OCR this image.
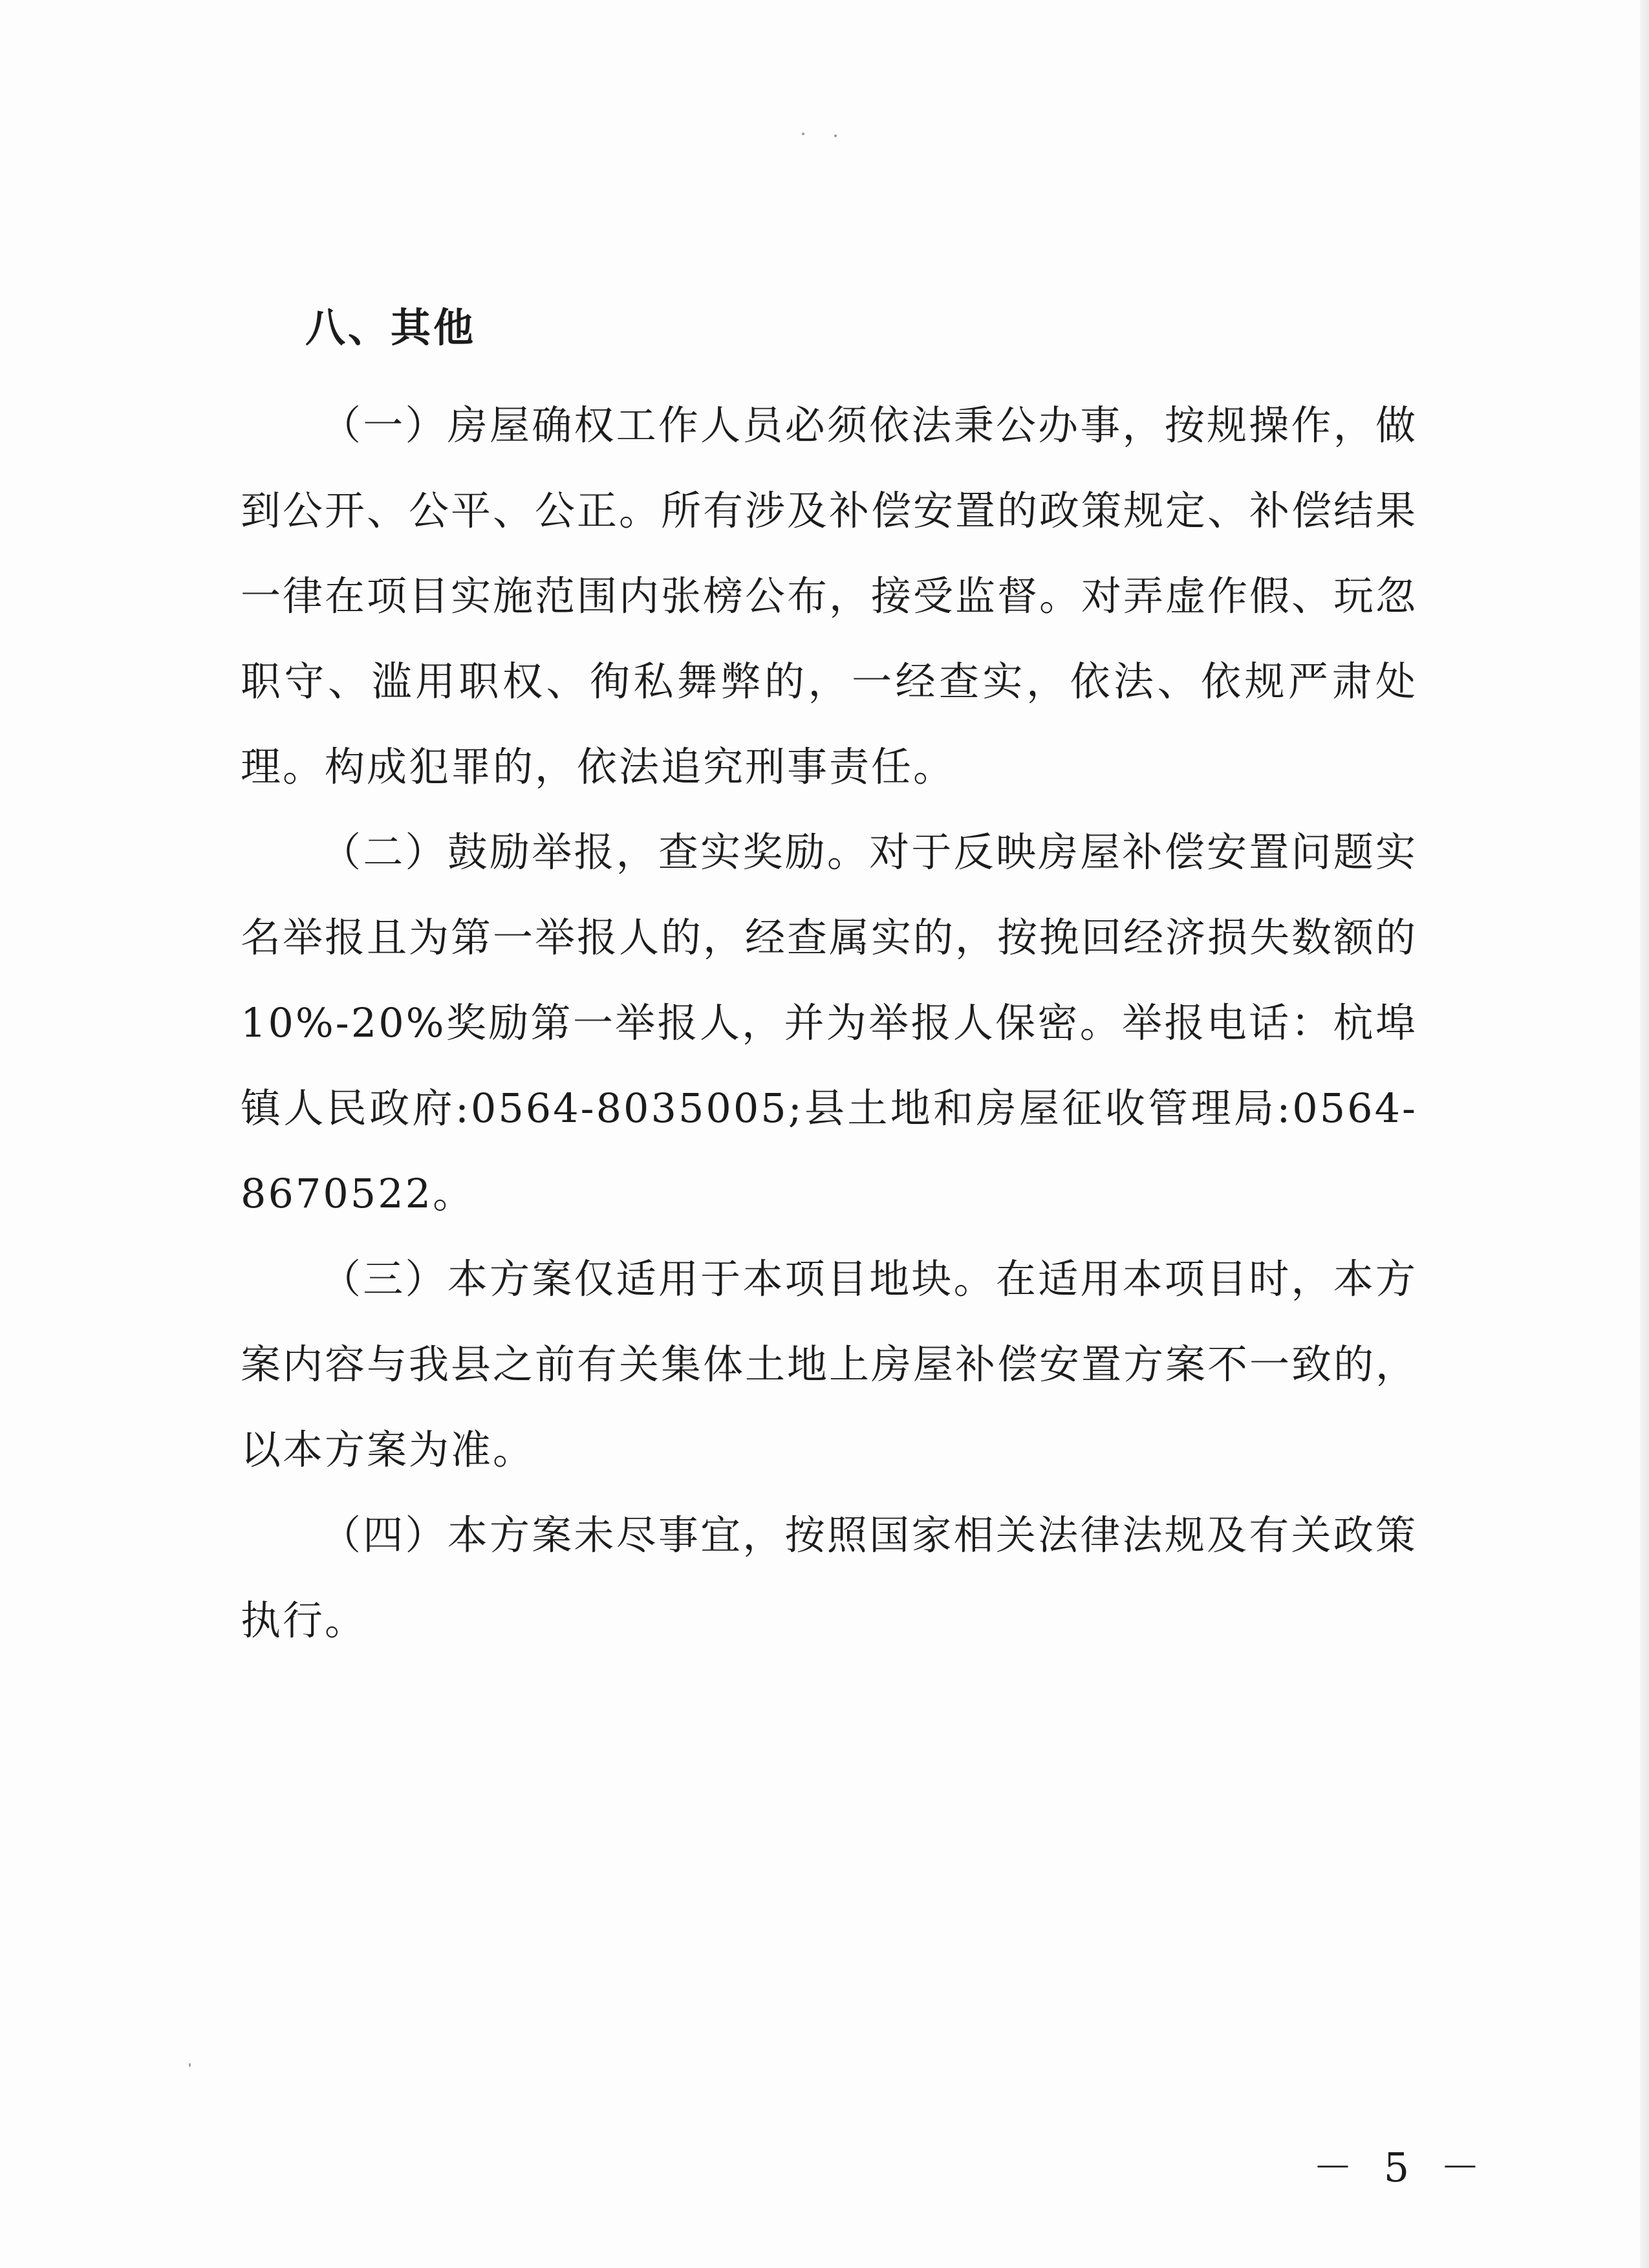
八、其他

（一）房屋确权工作人员必须依法秉公办事，按规操作，做到公开、公平、公正。所有涉及补偿安置的政策规定、补偿结果一律在项目实施范围内张榜公布，接受监督。对弄虚作假、玩忽职守、滥用职权、徇私舞弊的，一经查实，依法、依规严肃处理。构成犯罪的，依法追究刑事责任。

（二）鼓励举报，查实奖励。对于反映房屋补偿安置问题实名举报且为第一举报人的，经查属实的，按挽回经济损失数额的10%-20%奖励第一举报人，并为举报人保密。举报电话：杭埠镇人民政府:0564-8035005;县土地和房屋征收管理局:0564-8670522。

（三）本方案仅适用于本项目地块。在适用本项目时，本方案内容与我县之前有关集体土地上房屋补偿安置方案不一致的，以本方案为准。

（四）本方案未尽事宜，按照国家相关法律法规及有关政策执行。

－ 5 －
